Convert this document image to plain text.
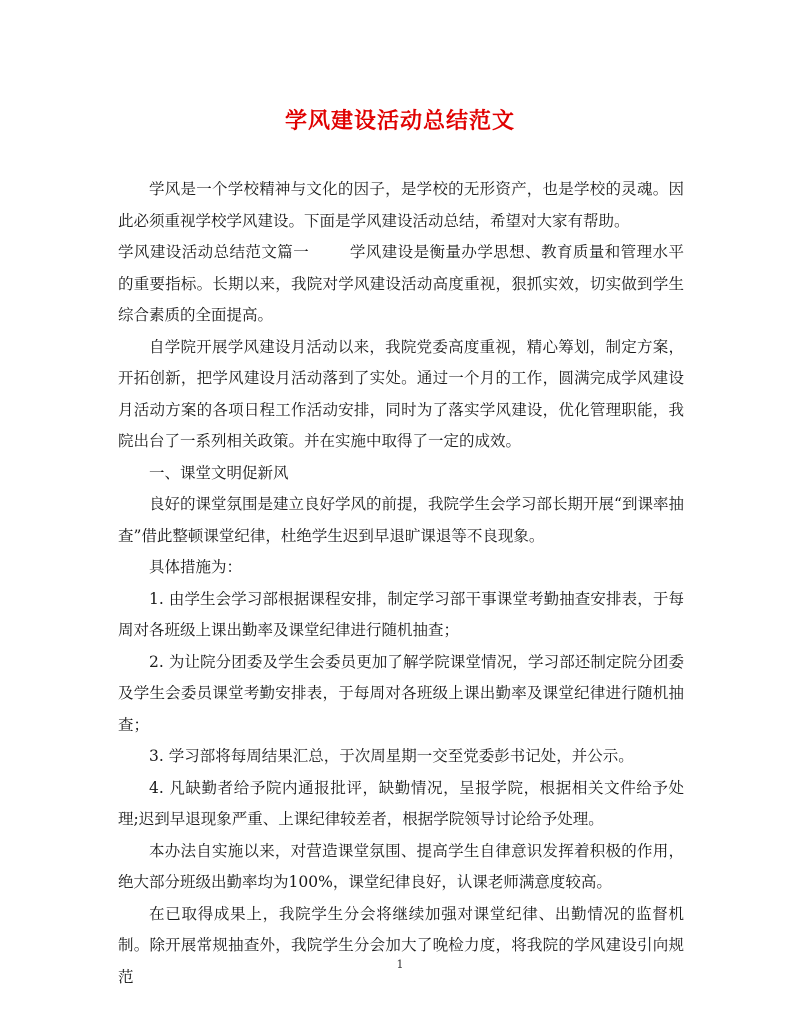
学风建设活动总结范文

学风是一个学校精神与文化的因子，是学校的无形资产，也是学校的灵魂。因此必须重视学校学风建设。下面是学风建设活动总结，希望对大家有帮助。

学风建设活动总结范文篇一	学风建设是衡量办学思想、教育质量和管理水平的重要指标。长期以来，我院对学风建设活动高度重视，狠抓实效，切实做到学生综合素质的全面提高。

自学院开展学风建设月活动以来，我院党委高度重视，精心筹划，制定方案，开拓创新，把学风建设月活动落到了实处。通过一个月的工作，圆满完成学风建设月活动方案的各项日程工作活动安排，同时为了落实学风建设，优化管理职能，我院出台了一系列相关政策。并在实施中取得了一定的成效。

一、课堂文明促新风

良好的课堂氛围是建立良好学风的前提，我院学生会学习部长期开展“到课率抽查”借此整顿课堂纪律，杜绝学生迟到早退旷课退等不良现象。

具体措施为：

1. 由学生会学习部根据课程安排，制定学习部干事课堂考勤抽查安排表，于每周对各班级上课出勤率及课堂纪律进行随机抽查；

2. 为让院分团委及学生会委员更加了解学院课堂情况，学习部还制定院分团委及学生会委员课堂考勤安排表，于每周对各班级上课出勤率及课堂纪律进行随机抽查；

3. 学习部将每周结果汇总，于次周星期一交至党委彭书记处，并公示。

4. 凡缺勤者给予院内通报批评，缺勤情况，呈报学院，根据相关文件给予处理;迟到早退现象严重、上课纪律较差者，根据学院领导讨论给予处理。

本办法自实施以来，对营造课堂氛围、提高学生自律意识发挥着积极的作用，绝大部分班级出勤率均为100%，课堂纪律良好，认课老师满意度较高。

在已取得成果上，我院学生分会将继续加强对课堂纪律、出勤情况的监督机制。除开展常规抽查外，我院学生分会加大了晚检力度，将我院的学风建设引向规范

1
